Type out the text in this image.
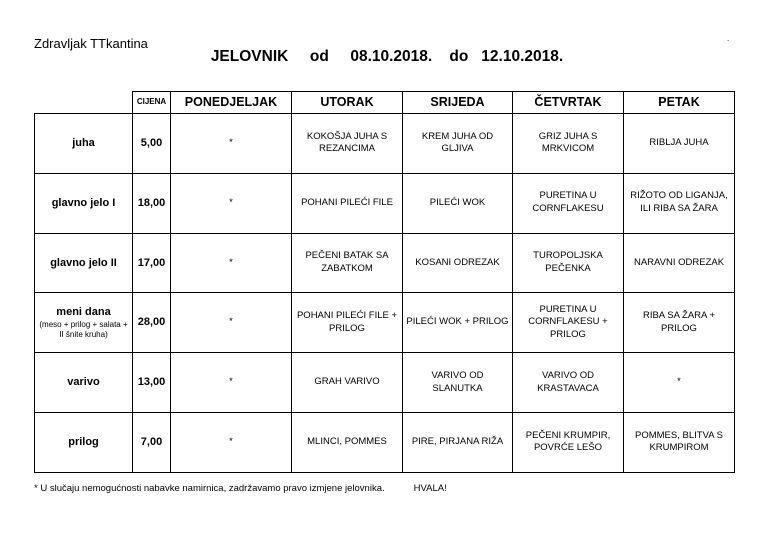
Zdravljak TTkantina	.
JELOVNIK     od     08.10.2018.    do   12.10.2018.
	CIJENA	PONEDJELJAK	UTORAK	SRIJEDA	ČETVRTAK	PETAK
juha	5,00	*	KOKOŠJA JUHA S REZANCIMA	KREM JUHA OD GLJIVA	GRIZ JUHA S MRKVICOM	RIBLJA JUHA
glavno jelo I	18,00	*	POHANI PILEĆI FILE	PILEĆI WOK	PURETINA U CORNFLAKESU	RIŽOTO OD LIGANJA, ILI RIBA SA ŽARA
glavno jelo II	17,00	*	PEČENI BATAK SA ZABATKOM	KOSANI ODREZAK	TUROPOLJSKA PEČENKA	NARAVNI ODREZAK
meni dana
(meso + prilog + salata + II šnite kruha)	28,00	*	POHANI PILEĆI FILE + PRILOG	PILEĆI WOK + PRILOG	PURETINA U CORNFLAKESU + PRILOG	RIBA SA ŽARA + PRILOG
varivo	13,00	*	GRAH VARIVO	VARIVO OD SLANUTKA	VARIVO OD KRASTAVACA	*
prilog	7,00	*	MLINCI, POMMES	PIRE, PIRJANA RIŽA	PEČENI KRUMPIR, POVRĆE LEŠO	POMMES, BLITVA S KRUMPIROM
* U slučaju nemogućnosti nabavke namirnica, zadržavamo pravo izmjene jelovnika.	HVALA!
